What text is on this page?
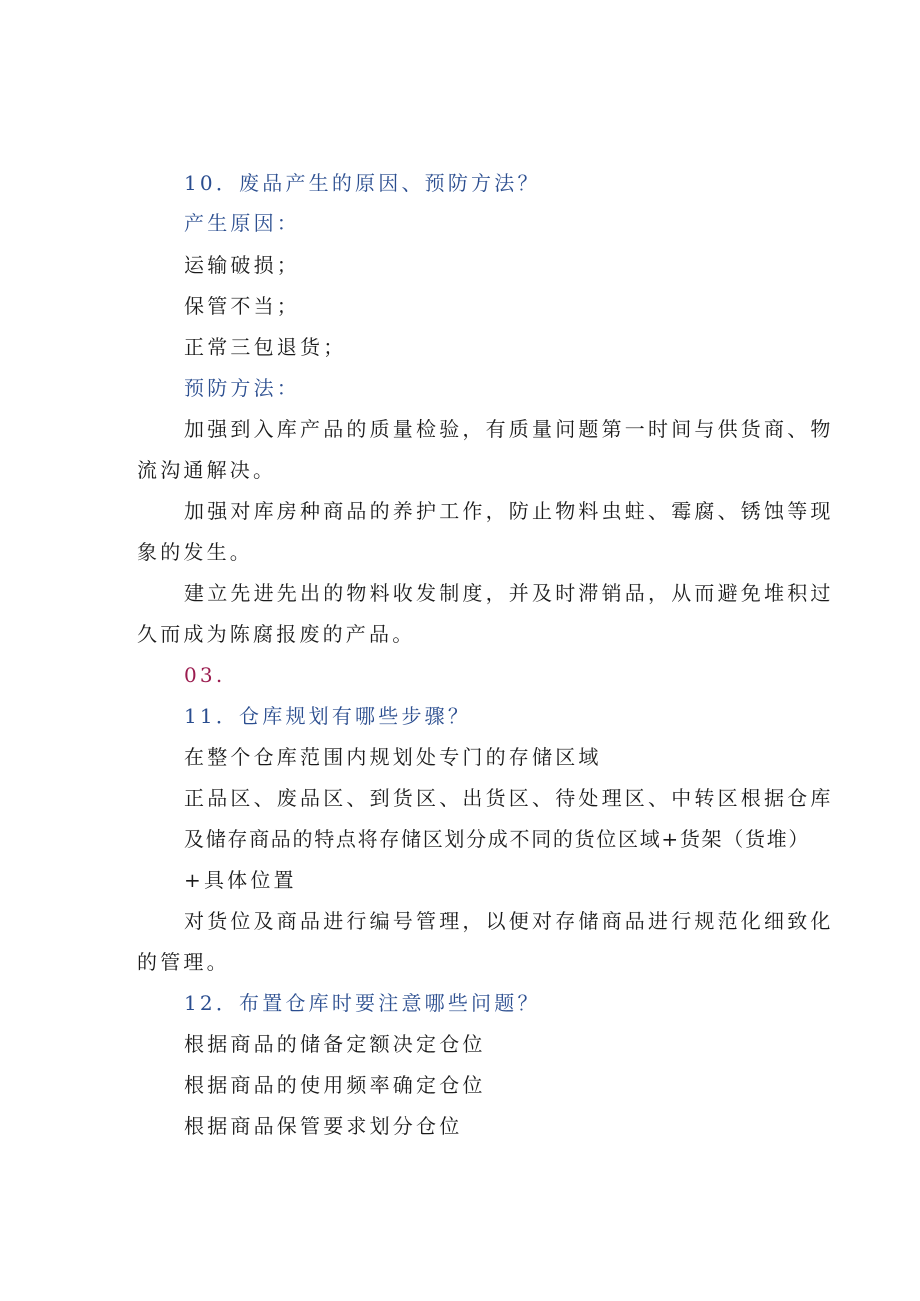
10．废品产生的原因、预防方法？
产生原因：
运输破损；
保管不当；
正常三包退货；
预防方法：
加强到入库产品的质量检验，有质量问题第一时间与供货商、物
流沟通解决。
加强对库房种商品的养护工作，防止物料虫蛀、霉腐、锈蚀等现
象的发生。
建立先进先出的物料收发制度，并及时滞销品，从而避免堆积过
久而成为陈腐报废的产品。
03.
11．仓库规划有哪些步骤？
在整个仓库范围内规划处专门的存储区域
正品区、废品区、到货区、出货区、待处理区、中转区根据仓库
及储存商品的特点将存储区划分成不同的货位区域+货架（货堆）
+具体位置
对货位及商品进行编号管理，以便对存储商品进行规范化细致化
的管理。
12．布置仓库时要注意哪些问题？
根据商品的储备定额决定仓位
根据商品的使用频率确定仓位
根据商品保管要求划分仓位
